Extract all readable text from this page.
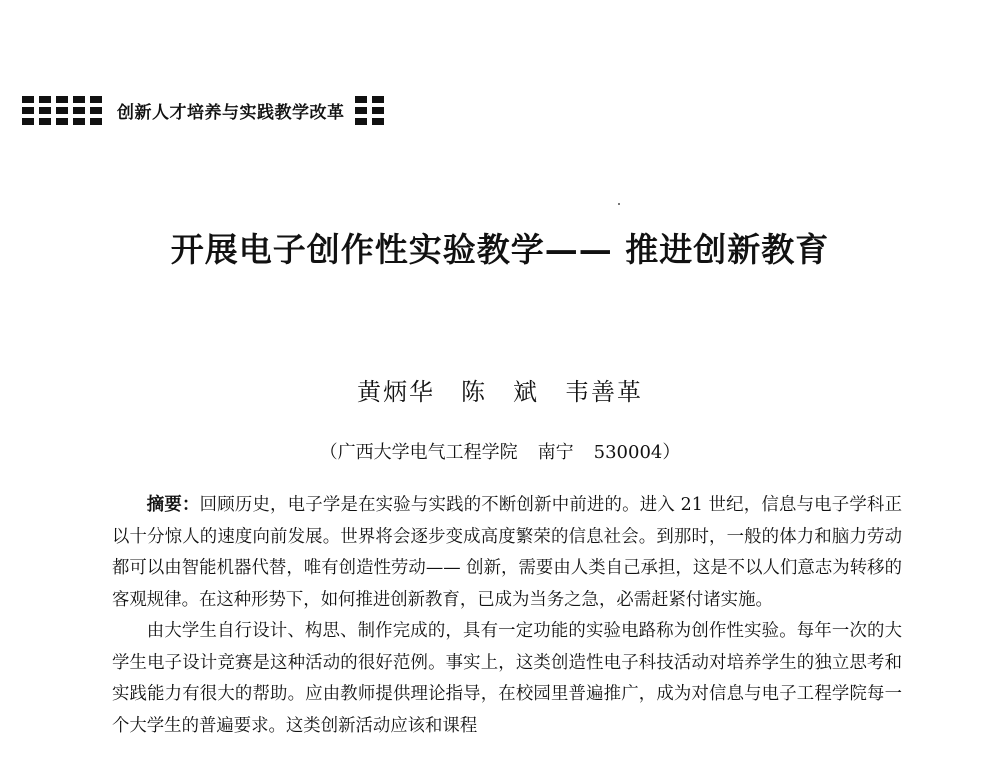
创新人才培养与实践教学改革
开展电子创作性实验教学—— 推进创新教育
黄炳华 陈　斌 韦善革
（广西大学电气工程学院 南宁 530004）

摘要：回顾历史，电子学是在实验与实践的不断创新中前进的。进入 21 世纪，信息与电子学科正以十分惊人的速度向前发展。世界将会逐步变成高度繁荣的信息社会。到那时，一般的体力和脑力劳动都可以由智能机器代替，唯有创造性劳动—— 创新，需要由人类自己承担，这是不以人们意志为转移的客观规律。在这种形势下，如何推进创新教育，已成为当务之急，必需赶紧付诸实施。

由大学生自行设计、构思、制作完成的，具有一定功能的实验电路称为创作性实验。每年一次的大学生电子设计竞赛是这种活动的很好范例。事实上，这类创造性电子科技活动对培养学生的独立思考和实践能力有很大的帮助。应由教师提供理论指导，在校园里普遍推广，成为对信息与电子工程学院每一个大学生的普遍要求。这类创新活动应该和课程
